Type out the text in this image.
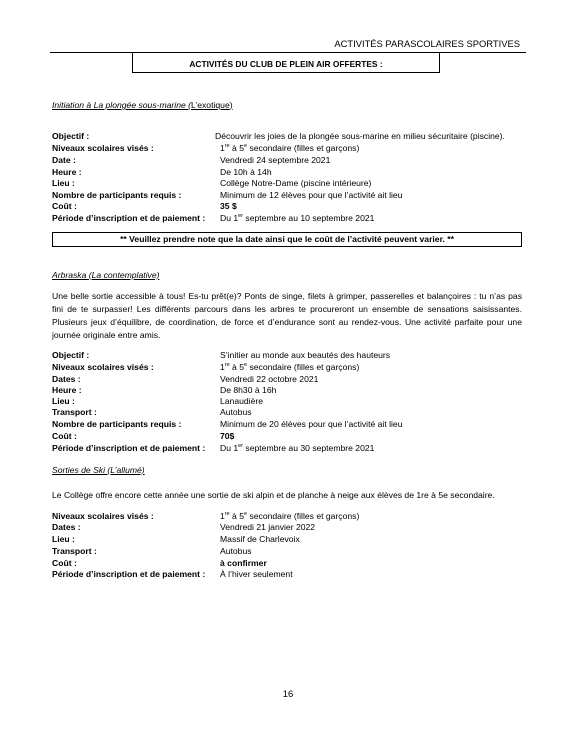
ACTIVITÉS PARASCOLAIRES SPORTIVES
ACTIVITÉS DU CLUB DE PLEIN AIR OFFERTES :
Initiation à La plongée sous-marine (L’exotique)
Objectif :	Découvrir les joies de la plongée sous-marine en milieu sécuritaire (piscine).
Niveaux scolaires visés :	1re à 5e secondaire (filles et garçons)
Date :	Vendredi 24 septembre 2021
Heure :	De 10h à 14h
Lieu :	Collège Notre-Dame (piscine intérieure)
Nombre de participants requis :	Minimum de 12 élèves pour que l’activité ait lieu
Coût :	35 $
Période d’inscription et de paiement : Du 1er septembre au 10 septembre 2021
** Veuillez prendre note que la date ainsi que le coût de l’activité peuvent varier. **
Arbraska (La contemplative)
Une belle sortie accessible à tous! Es-tu prêt(e)? Ponts de singe, filets à grimper, passerelles et balançoires : tu n’as pas fini de te surpasser! Les différents parcours dans les arbres te procureront un ensemble de sensations saisissantes. Plusieurs jeux d’équilibre, de coordination, de force et d’endurance sont au rendez-vous. Une activité parfaite pour une journée originale entre amis.
Objectif :	S’initier au monde aux beautés des hauteurs
Niveaux scolaires visés :	1re à 5e secondaire (filles et garçons)
Dates :	Vendredi 22 octobre 2021
Heure :	De 8h30 à 16h
Lieu :	Lanaudière
Transport :	Autobus
Nombre de participants requis :	Minimum de 20 élèves pour que l’activité ait lieu
Coût :	70$
Période d’inscription et de paiement : Du 1er septembre au 30 septembre 2021
Sorties de Ski (L’allumé)
Le Collège offre encore cette année une sortie de ski alpin et de planche à neige aux élèves de 1re à 5e secondaire.
Niveaux scolaires visés :	1re à 5e secondaire (filles et garçons)
Dates :	Vendredi 21 janvier 2022
Lieu :	Massif de Charlevoix
Transport :	Autobus
Coût :	à confirmer
Période d’inscription et de paiement : À l’hiver seulement
16
